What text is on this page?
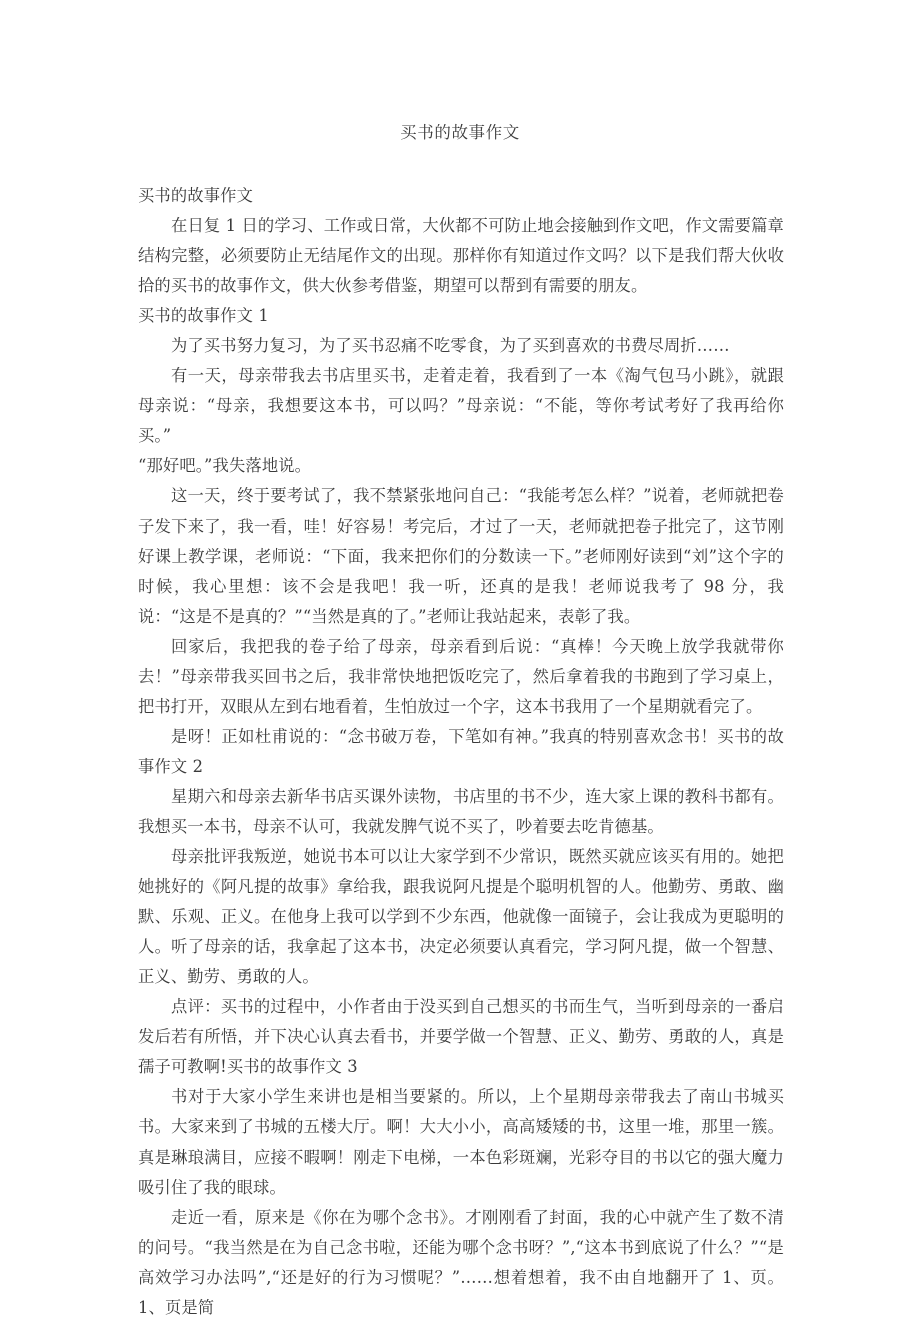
买书的故事作文

买书的故事作文

在日复 1 日的学习、工作或日常，大伙都不可防止地会接触到作文吧，作文需要篇章结构完整，必须要防止无结尾作文的出现。那样你有知道过作文吗？以下是我们帮大伙收拾的买书的故事作文，供大伙参考借鉴，期望可以帮到有需要的朋友。

买书的故事作文 1

为了买书努力复习，为了买书忍痛不吃零食，为了买到喜欢的书费尽周折……

有一天，母亲带我去书店里买书，走着走着，我看到了一本《淘气包马小跳》，就跟母亲说：“母亲，我想要这本书，可以吗？”母亲说：“不能，等你考试考好了我再给你买。”

“那好吧。”我失落地说。

这一天，终于要考试了，我不禁紧张地问自己：“我能考怎么样？”说着，老师就把卷子发下来了，我一看，哇！好容易！考完后，才过了一天，老师就把卷子批完了，这节刚好课上教学课，老师说：“下面，我来把你们的分数读一下。”老师刚好读到“刘”这个字的时候，我心里想：该不会是我吧！我一听，还真的是我！老师说我考了 98 分，我说：“这是不是真的？”“当然是真的了。”老师让我站起来，表彰了我。

回家后，我把我的卷子给了母亲，母亲看到后说：“真棒！今天晚上放学我就带你去！”母亲带我买回书之后，我非常快地把饭吃完了，然后拿着我的书跑到了学习桌上，把书打开，双眼从左到右地看着，生怕放过一个字，这本书我用了一个星期就看完了。

是呀！正如杜甫说的：“念书破万卷，下笔如有神。”我真的特别喜欢念书！买书的故事作文 2

星期六和母亲去新华书店买课外读物，书店里的书不少，连大家上课的教科书都有。我想买一本书，母亲不认可，我就发脾气说不买了，吵着要去吃肯德基。

母亲批评我叛逆，她说书本可以让大家学到不少常识，既然买就应该买有用的。她把她挑好的《阿凡提的故事》拿给我，跟我说阿凡提是个聪明机智的人。他勤劳、勇敢、幽默、乐观、正义。在他身上我可以学到不少东西，他就像一面镜子，会让我成为更聪明的人。听了母亲的话，我拿起了这本书，决定必须要认真看完，学习阿凡提，做一个智慧、正义、勤劳、勇敢的人。

点评：买书的过程中，小作者由于没买到自己想买的书而生气，当听到母亲的一番启发后若有所悟，并下决心认真去看书，并要学做一个智慧、正义、勤劳、勇敢的人，真是孺子可教啊!买书的故事作文 3

书对于大家小学生来讲也是相当要紧的。所以，上个星期母亲带我去了南山书城买书。大家来到了书城的五楼大厅。啊！大大小小，高高矮矮的书，这里一堆，那里一簇。真是琳琅满目，应接不暇啊！刚走下电梯，一本色彩斑斓，光彩夺目的书以它的强大魔力吸引住了我的眼球。

走近一看，原来是《你在为哪个念书》。才刚刚看了封面，我的心中就产生了数不清的问号。“我当然是在为自己念书啦，还能为哪个念书呀？”,“这本书到底说了什么？”“是高效学习办法吗”,“还是好的行为习惯呢？”……想着想着，我不由自地翻开了 1、页。1、页是简
